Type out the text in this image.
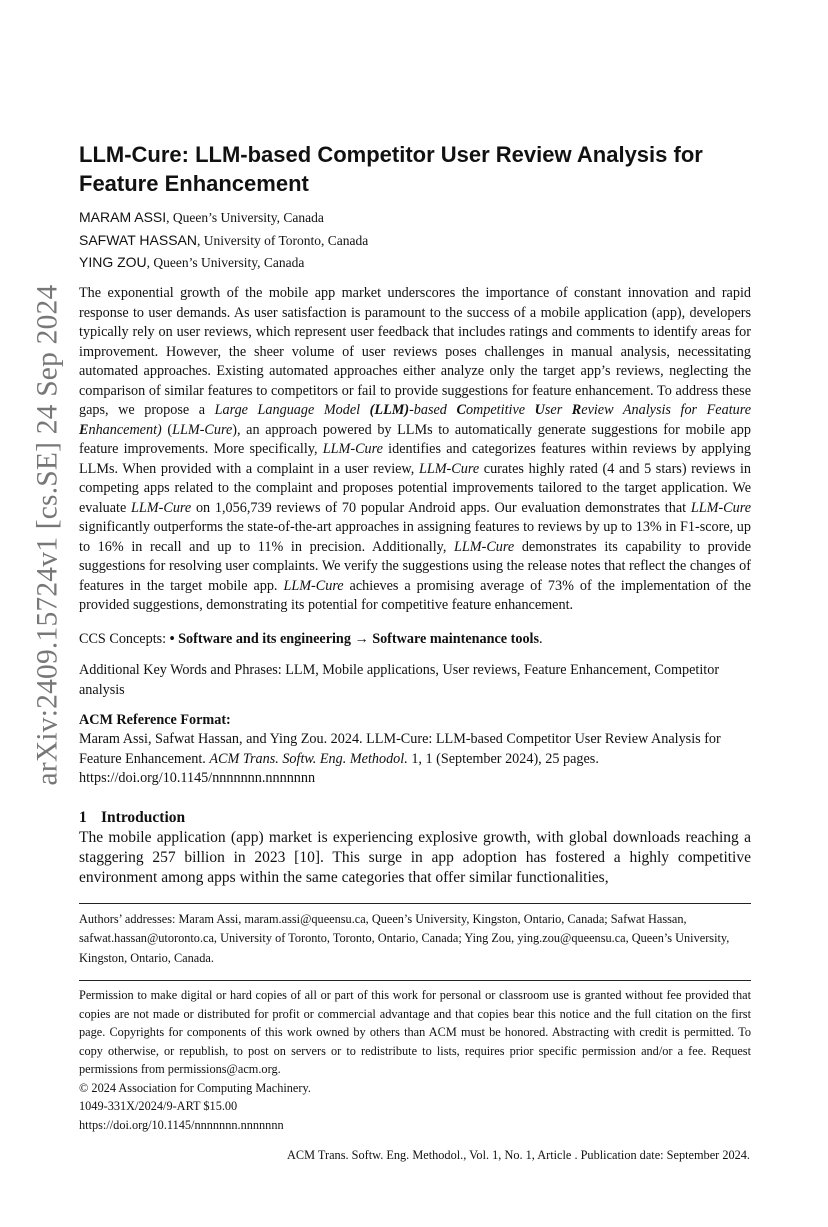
arXiv:2409.15724v1 [cs.SE] 24 Sep 2024
LLM-Cure: LLM-based Competitor User Review Analysis for Feature Enhancement
MARAM ASSI, Queen’s University, Canada
SAFWAT HASSAN, University of Toronto, Canada
YING ZOU, Queen’s University, Canada

The exponential growth of the mobile app market underscores the importance of constant innovation and rapid response to user demands. As user satisfaction is paramount to the success of a mobile application (app), developers typically rely on user reviews, which represent user feedback that includes ratings and comments to identify areas for improvement. However, the sheer volume of user reviews poses challenges in manual analysis, necessitating automated approaches. Existing automated approaches either analyze only the target app’s reviews, neglecting the comparison of similar features to competitors or fail to provide suggestions for feature enhancement. To address these gaps, we propose a Large Language Model (LLM)-based Competitive User Review Analysis for Feature Enhancement) (LLM-Cure), an approach powered by LLMs to automatically generate suggestions for mobile app feature improvements. More specifically, LLM-Cure identifies and categorizes features within reviews by applying LLMs. When provided with a complaint in a user review, LLM-Cure curates highly rated (4 and 5 stars) reviews in competing apps related to the complaint and proposes potential improvements tailored to the target application. We evaluate LLM-Cure on 1,056,739 reviews of 70 popular Android apps. Our evaluation demonstrates that LLM-Cure significantly outperforms the state-of-the-art approaches in assigning features to reviews by up to 13% in F1-score, up to 16% in recall and up to 11% in precision. Additionally, LLM-Cure demonstrates its capability to provide suggestions for resolving user complaints. We verify the suggestions using the release notes that reflect the changes of features in the target mobile app. LLM-Cure achieves a promising average of 73% of the implementation of the provided suggestions, demonstrating its potential for competitive feature enhancement.

CCS Concepts: • Software and its engineering → Software maintenance tools.

Additional Key Words and Phrases: LLM, Mobile applications, User reviews, Feature Enhancement, Competitor analysis

ACM Reference Format:

Maram Assi, Safwat Hassan, and Ying Zou. 2024. LLM-Cure: LLM-based Competitor User Review Analysis for Feature Enhancement. ACM Trans. Softw. Eng. Methodol. 1, 1 (September 2024), 25 pages. https://doi.org/10.1145/nnnnnnn.nnnnnnn

1 Introduction

The mobile application (app) market is experiencing explosive growth, with global downloads reaching a staggering 257 billion in 2023 [10]. This surge in app adoption has fostered a highly competitive environment among apps within the same categories that offer similar functionalities,

Authors’ addresses: Maram Assi, maram.assi@queensu.ca, Queen’s University, Kingston, Ontario, Canada; Safwat Hassan, safwat.hassan@utoronto.ca, University of Toronto, Toronto, Ontario, Canada; Ying Zou, ying.zou@queensu.ca, Queen’s University, Kingston, Ontario, Canada.

Permission to make digital or hard copies of all or part of this work for personal or classroom use is granted without fee provided that copies are not made or distributed for profit or commercial advantage and that copies bear this notice and the full citation on the first page. Copyrights for components of this work owned by others than ACM must be honored. Abstracting with credit is permitted. To copy otherwise, or republish, to post on servers or to redistribute to lists, requires prior specific permission and/or a fee. Request permissions from permissions@acm.org.

© 2024 Association for Computing Machinery.

1049-331X/2024/9-ART $15.00

https://doi.org/10.1145/nnnnnnn.nnnnnnn

ACM Trans. Softw. Eng. Methodol., Vol. 1, No. 1, Article . Publication date: September 2024.
